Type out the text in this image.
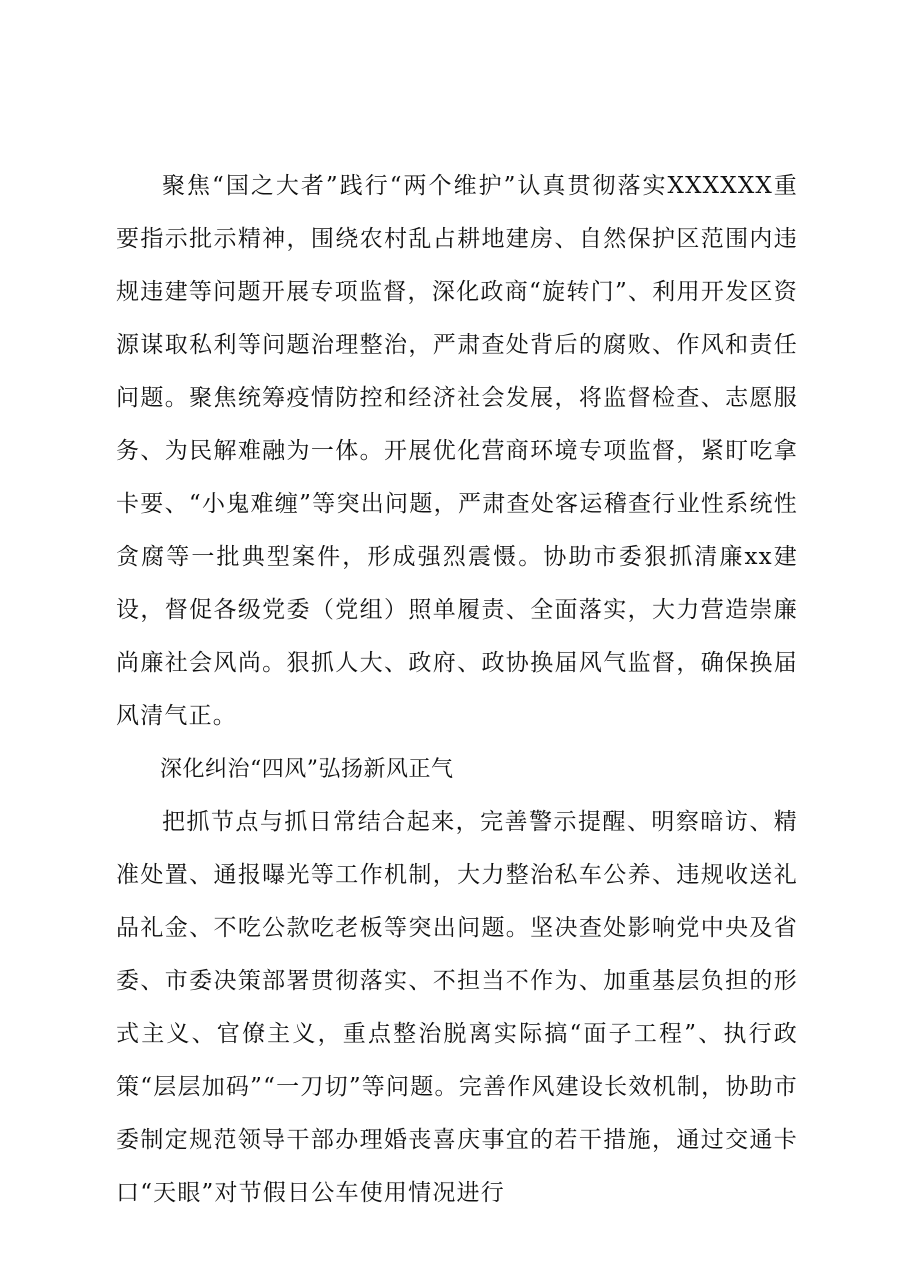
聚焦“国之大者”践行“两个维护”认真贯彻落实XXXXXX重要指示批示精神，围绕农村乱占耕地建房、自然保护区范围内违规违建等问题开展专项监督，深化政商“旋转门”、利用开发区资源谋取私利等问题治理整治，严肃查处背后的腐败、作风和责任问题。聚焦统筹疫情防控和经济社会发展，将监督检查、志愿服务、为民解难融为一体。开展优化营商环境专项监督，紧盯吃拿卡要、“小鬼难缠”等突出问题，严肃查处客运稽查行业性系统性贪腐等一批典型案件，形成强烈震慑。协助市委狠抓清廉xx建设，督促各级党委（党组）照单履责、全面落实，大力营造崇廉尚廉社会风尚。狠抓人大、政府、政协换届风气监督，确保换届风清气正。

深化纠治“四风”弘扬新风正气

把抓节点与抓日常结合起来，完善警示提醒、明察暗访、精准处置、通报曝光等工作机制，大力整治私车公养、违规收送礼品礼金、不吃公款吃老板等突出问题。坚决查处影响党中央及省委、市委决策部署贯彻落实、不担当不作为、加重基层负担的形式主义、官僚主义，重点整治脱离实际搞“面子工程”、执行政策“层层加码”“一刀切”等问题。完善作风建设长效机制，协助市委制定规范领导干部办理婚丧喜庆事宜的若干措施，通过交通卡口“天眼”对节假日公车使用情况进行
